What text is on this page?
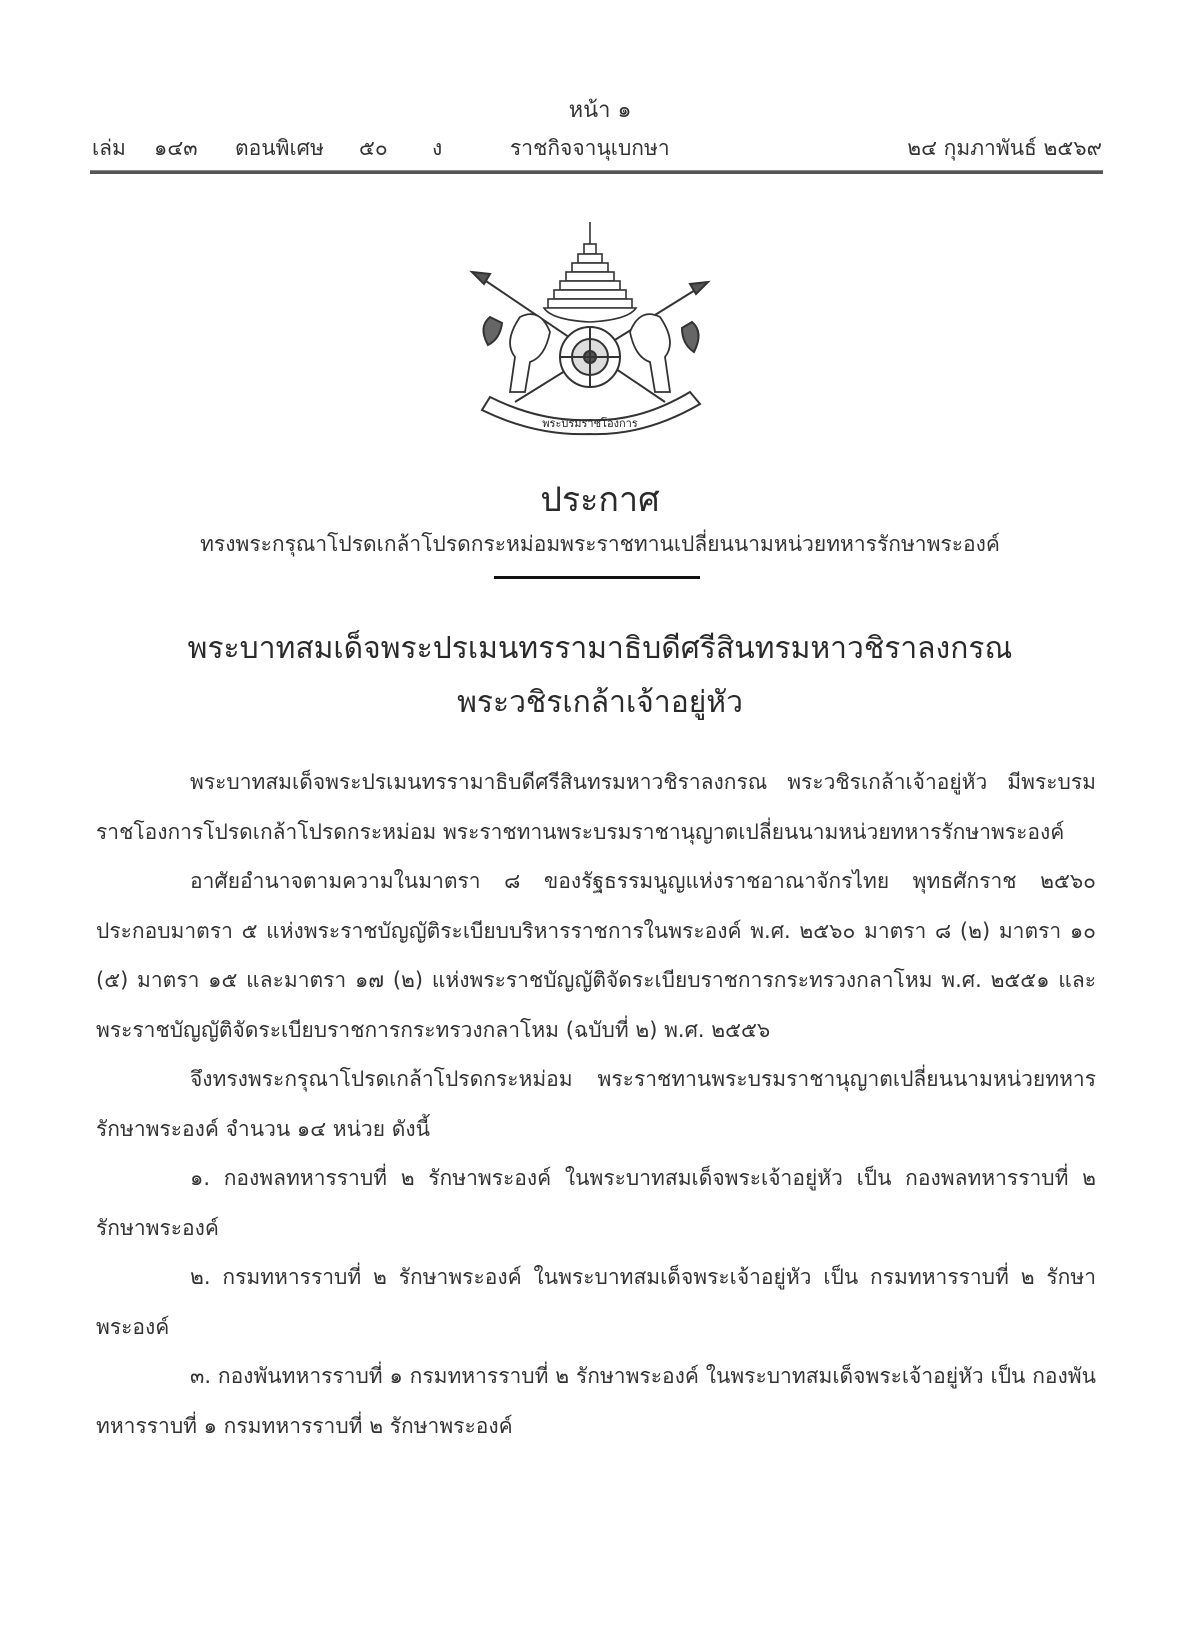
หน้า ๑
เล่ม ๑๔๓ ตอนพิเศษ ๕๐ ง	ราชกิจจานุเบกษา	๒๔ กุมภาพันธ์ ๒๕๖๙
พระบรมราชโองการ
ประกาศ
ทรงพระกรุณาโปรดเกล้าโปรดกระหม่อมพระราชทานเปลี่ยนนามหน่วยทหารรักษาพระองค์
พระบาทสมเด็จพระปรเมนทรรามาธิบดีศรีสินทรมหาวชิราลงกรณ
พระวชิรเกล้าเจ้าอยู่หัว

พระบาทสมเด็จพระปรเมนทรรามาธิบดีศรีสินทรมหาวชิราลงกรณ พระวชิรเกล้าเจ้าอยู่หัว มีพระบรมราชโองการโปรดเกล้าโปรดกระหม่อม พระราชทานพระบรมราชานุญาตเปลี่ยนนามหน่วยทหารรักษาพระองค์

อาศัยอำนาจตามความในมาตรา ๘ ของรัฐธรรมนูญแห่งราชอาณาจักรไทย พุทธศักราช ๒๕๖๐ ประกอบมาตรา ๕ แห่งพระราชบัญญัติระเบียบบริหารราชการในพระองค์ พ.ศ. ๒๕๖๐ มาตรา ๘ (๒) มาตรา ๑๐ (๕) มาตรา ๑๕ และมาตรา ๑๗ (๒) แห่งพระราชบัญญัติจัดระเบียบราชการกระทรวงกลาโหม พ.ศ. ๒๕๕๑ และพระราชบัญญัติจัดระเบียบราชการกระทรวงกลาโหม (ฉบับที่ ๒) พ.ศ. ๒๕๕๖

จึงทรงพระกรุณาโปรดเกล้าโปรดกระหม่อม พระราชทานพระบรมราชานุญาตเปลี่ยนนามหน่วยทหารรักษาพระองค์ จำนวน ๑๔ หน่วย ดังนี้

๑. กองพลทหารราบที่ ๒ รักษาพระองค์ ในพระบาทสมเด็จพระเจ้าอยู่หัว เป็น กองพลทหารราบที่ ๒ รักษาพระองค์

๒. กรมทหารราบที่ ๒ รักษาพระองค์ ในพระบาทสมเด็จพระเจ้าอยู่หัว เป็น กรมทหารราบที่ ๒ รักษาพระองค์

๓. กองพันทหารราบที่ ๑ กรมทหารราบที่ ๒ รักษาพระองค์ ในพระบาทสมเด็จพระเจ้าอยู่หัว เป็น กองพันทหารราบที่ ๑ กรมทหารราบที่ ๒ รักษาพระองค์
